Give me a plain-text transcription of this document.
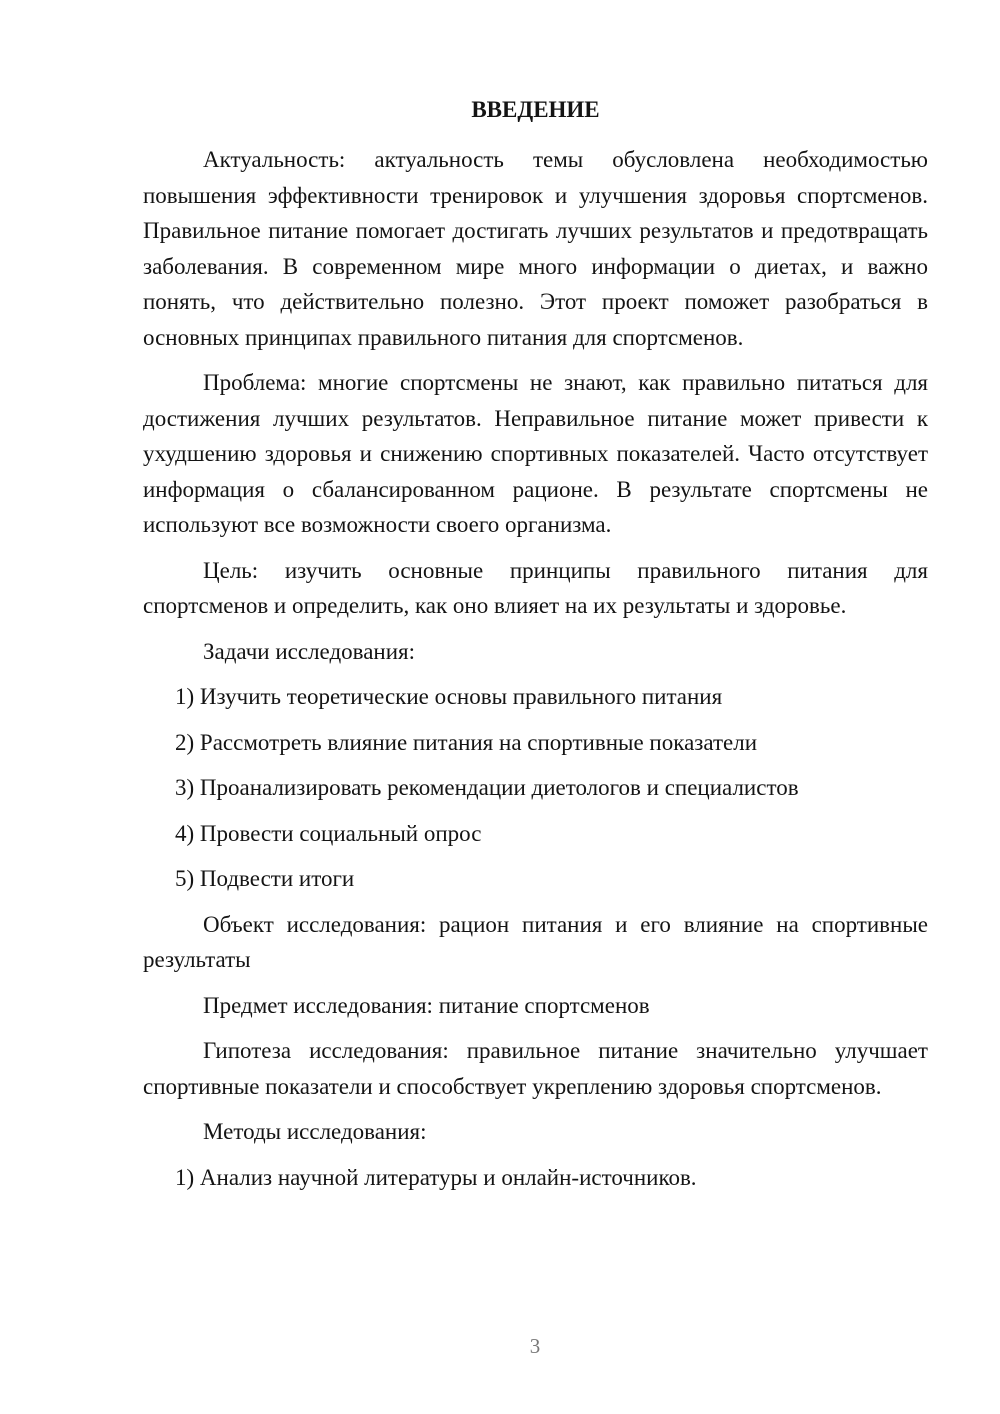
ВВЕДЕНИЕ

Актуальность: актуальность темы обусловлена необходимостью повышения эффективности тренировок и улучшения здоровья спортсменов. Правильное питание помогает достигать лучших результатов и предотвращать заболевания. В современном мире много информации о диетах, и важно понять, что действительно полезно. Этот проект поможет разобраться в основных принципах правильного питания для спортсменов.

Проблема: многие спортсмены не знают, как правильно питаться для достижения лучших результатов. Неправильное питание может привести к ухудшению здоровья и снижению спортивных показателей. Часто отсутствует информация о сбалансированном рационе. В результате спортсмены не используют все возможности своего организма.

Цель: изучить основные принципы правильного питания для спортсменов и определить, как оно влияет на их результаты и здоровье.

Задачи исследования:

1) Изучить теоретические основы правильного питания

2) Рассмотреть влияние питания на спортивные показатели

3) Проанализировать рекомендации диетологов и специалистов

4) Провести социальный опрос

5) Подвести итоги

Объект исследования: рацион питания и его влияние на спортивные результаты

Предмет исследования: питание спортсменов

Гипотеза исследования: правильное питание значительно улучшает спортивные показатели и способствует укреплению здоровья спортсменов.

Методы исследования:

1) Анализ научной литературы и онлайн-источников.

3
